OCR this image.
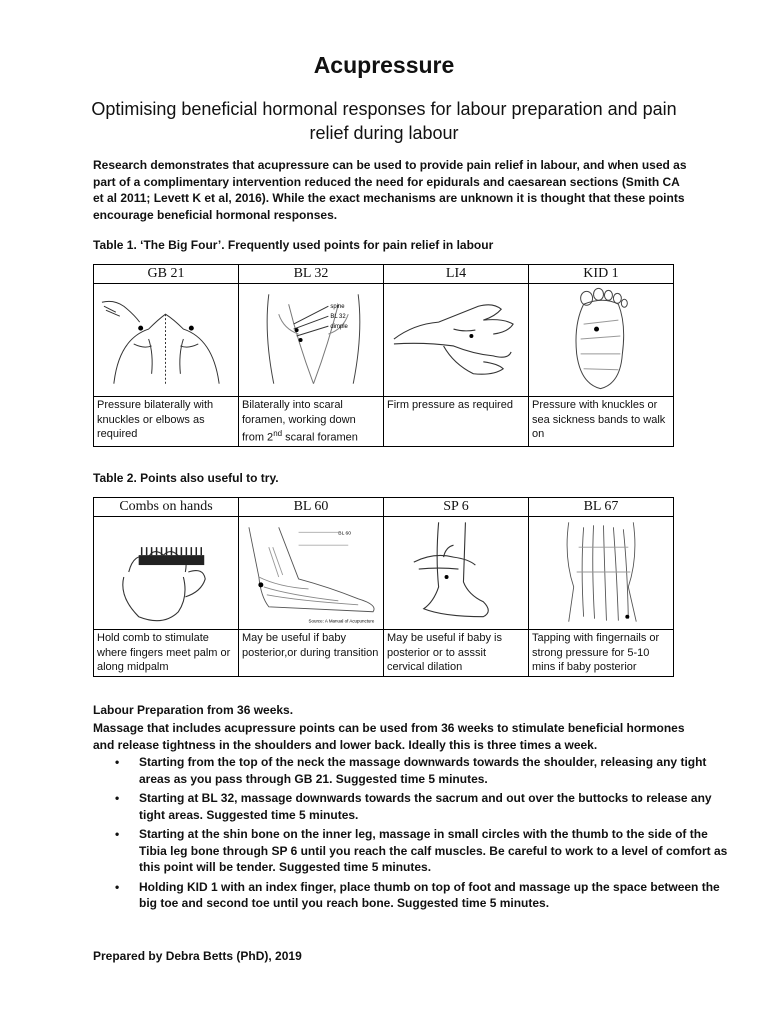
Acupressure

Optimising beneficial hormonal responses for labour preparation and pain relief during labour

Research demonstrates that acupressure can be used to provide pain relief in labour, and when used as part of a complimentary intervention reduced the need for epidurals and caesarean sections (Smith CA et al 2011; Levett K et al, 2016). While the exact mechanisms are unknown it is thought that these points encourage beneficial hormonal responses.

Table 1. ‘The Big Four’. Frequently used points for pain relief in labour

GB 21	BL 32	LI4	KID 1

spine
BL 32
dimple

Pressure bilaterally with knuckles or elbows as required	Bilaterally into scaral foramen, working down from 2nd scaral foramen	Firm pressure as required	Pressure with knuckles or sea sickness bands to walk on

Table 2. Points also useful to try.

Combs on hands	BL 60	SP 6	BL 67

BL 60
Source: A Manual of Acupuncture

Hold comb to stimulate where fingers meet palm or along midpalm	May be useful if baby posterior,or during transition	May be useful if baby is posterior or to asssit cervical dilation	Tapping with fingernails or strong pressure for 5-10 mins if baby posterior

Labour Preparation from 36 weeks.

Massage that includes acupressure points can be used from 36 weeks to stimulate beneficial hormones and release tightness in the shoulders and lower back. Ideally this is three times a week.

• Starting from the top of the neck the massage downwards towards the shoulder, releasing any tight areas as you pass through GB 21. Suggested time 5 minutes.
• Starting at BL 32, massage downwards towards the sacrum and out over the buttocks to release any tight areas. Suggested time 5 minutes.
• Starting at the shin bone on the inner leg, massage in small circles with the thumb to the side of the Tibia leg bone through SP 6 until you reach the calf muscles. Be careful to work to a level of comfort as this point will be tender. Suggested time 5 minutes.
• Holding KID 1 with an index finger, place thumb on top of foot and massage up the space between the big toe and second toe until you reach bone. Suggested time 5 minutes.

Prepared by Debra Betts (PhD), 2019
